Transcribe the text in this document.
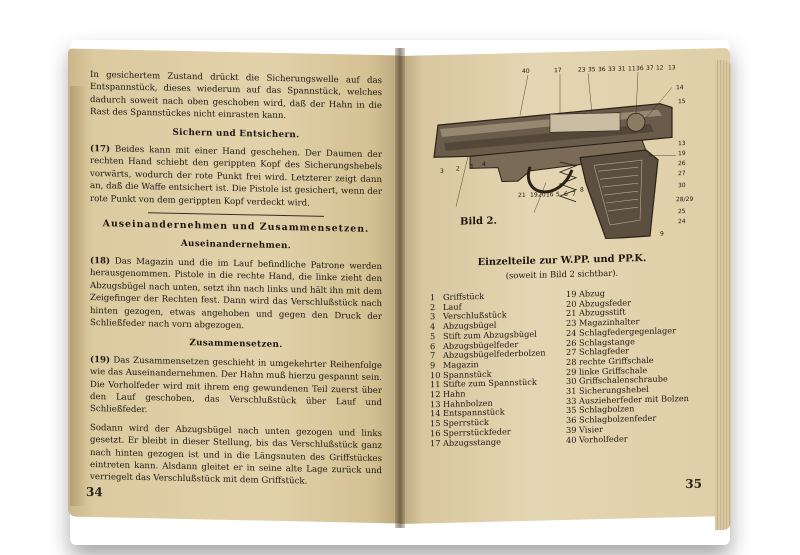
In gesichertem Zustand drückt die Sicherungswelle auf das Entspannstück, dieses wiederum auf das Spannstück, welches dadurch soweit nach oben geschoben wird, daß der Hahn in die Rast des Spannstückes nicht einrasten kann.

Sichern und Entsichern.

(17) Beides kann mit einer Hand geschehen. Der Daumen der rechten Hand schiebt den gerippten Kopf des Sicherungshebels vorwärts, wodurch der rote Punkt frei wird. Letzterer zeigt dann an, daß die Waffe entsichert ist. Die Pistole ist gesichert, wenn der rote Punkt von dem gerippten Kopf verdeckt wird.

Auseinandernehmen und Zusammensetzen.
Auseinandernehmen.

(18) Das Magazin und die im Lauf befindliche Patrone werden herausgenommen. Pistole in die rechte Hand, die linke zieht den Abzugsbügel nach unten, setzt ihn nach links und hält ihn mit dem Zeigefinger der Rechten fest. Dann wird das Verschlußstück nach hinten gezogen, etwas angehoben und gegen den Druck der Schließfeder nach vorn abgezogen.

Zusammensetzen.

(19) Das Zusammensetzen geschieht in umgekehrter Reihenfolge wie das Auseinandernehmen. Der Hahn muß hierzu gespannt sein. Die Vorholfeder wird mit ihrem eng gewundenen Teil zuerst über den Lauf geschoben, das Verschlußstück über Lauf und Schließfeder.

Sodann wird der Abzugsbügel nach unten gezogen und links gesetzt. Er bleibt in dieser Stellung, bis das Verschlußstück ganz nach hinten gezogen ist und in die Längsnuten des Griffstückes eintreten kann. Alsdann gleitet er in seine alte Lage zurück und verriegelt das Verschlußstück mit dem Griffstück.

34
40	17	23 35 36 33 31 11 36 37 12 13
14
15
13
19
26
27
30
28/29
25
24
3 2 1 4
21 19 20 16 5 6 7
8
9
Bild 2.
Einzelteile zur W.PP. und PP.K.
(soweit in Bild 2 sichtbar).
1 Griffstück
2 Lauf
3 Verschlußstück
4 Abzugsbügel
5 Stift zum Abzugsbügel
6 Abzugsbügelfeder
7 Abzugsbügelfederbolzen
9 Magazin
10 Spannstück
11 Stifte zum Spannstück
12 Hahn
13 Hahnbolzen
14 Entspannstück
15 Sperrstück
16 Sperrstückfeder
17 Abzugsstange
19 Abzug
20 Abzugsfeder
21 Abzugsstift
23 Magazinhalter
24 Schlagfedergegenlager
26 Schlagstange
27 Schlagfeder
28 rechte Griffschale
29 linke Griffschale
30 Griffschalenschraube
31 Sicherungshebel
33 Auszieherfeder mit Bolzen
35 Schlagbolzen
36 Schlagbolzenfeder
39 Visier
40 Vorholfeder
35
